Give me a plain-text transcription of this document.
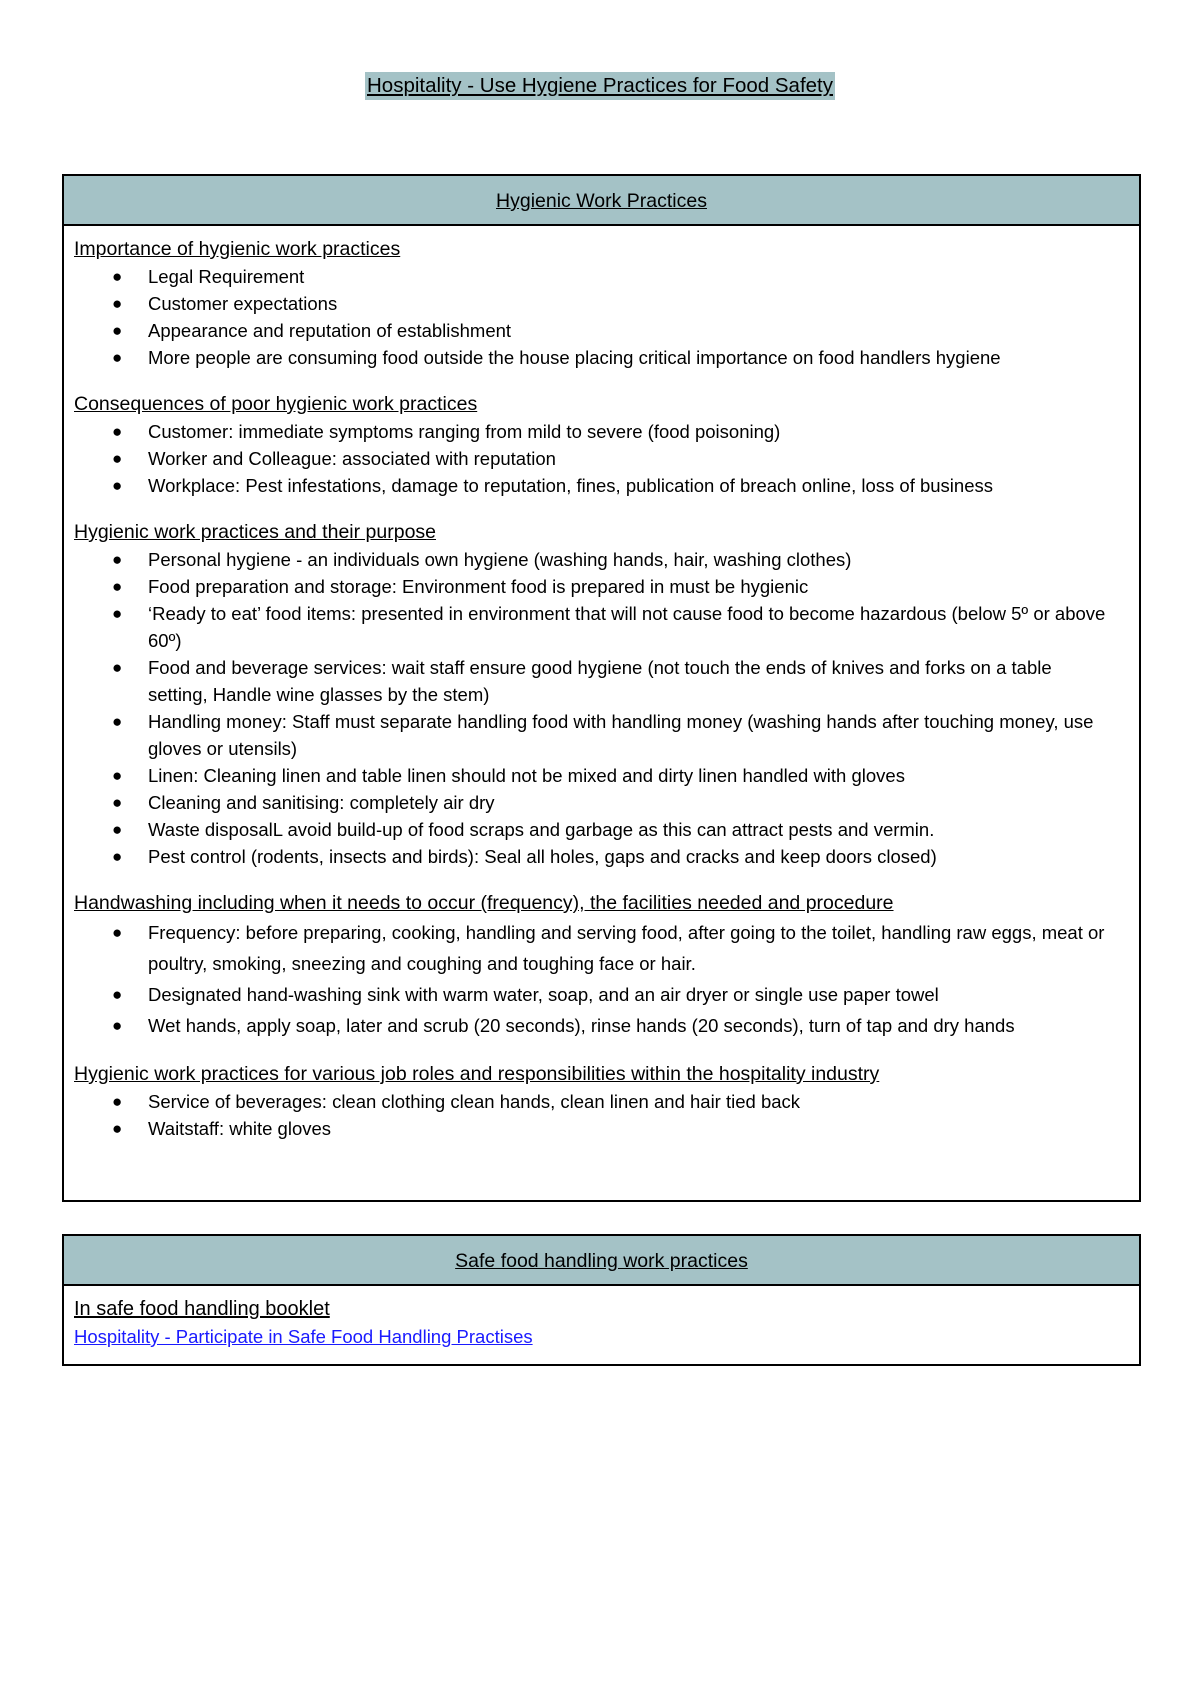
Hospitality - Use Hygiene Practices for Food Safety
Hygienic Work Practices

Importance of hygienic work practices

● Legal Requirement
● Customer expectations
● Appearance and reputation of establishment
● More people are consuming food outside the house placing critical importance on food handlers hygiene

Consequences of poor hygienic work practices

● Customer: immediate symptoms ranging from mild to severe (food poisoning)
● Worker and Colleague: associated with reputation
● Workplace: Pest infestations, damage to reputation, fines, publication of breach online, loss of business

Hygienic work practices and their purpose

● Personal hygiene - an individuals own hygiene (washing hands, hair, washing clothes)
● Food preparation and storage: Environment food is prepared in must be hygienic
● ‘Ready to eat’ food items: presented in environment that will not cause food to become hazardous (below 5º or above 60º)
● Food and beverage services: wait staff ensure good hygiene (not touch the ends of knives and forks on a table setting, Handle wine glasses by the stem)
● Handling money: Staff must separate handling food with handling money (washing hands after touching money, use gloves or utensils)
● Linen: Cleaning linen and table linen should not be mixed and dirty linen handled with gloves
● Cleaning and sanitising: completely air dry
● Waste disposalL avoid build-up of food scraps and garbage as this can attract pests and vermin.
● Pest control (rodents, insects and birds): Seal all holes, gaps and cracks and keep doors closed)

Handwashing including when it needs to occur (frequency), the facilities needed and procedure

● Frequency: before preparing, cooking, handling and serving food, after going to the toilet, handling raw eggs, meat or poultry, smoking, sneezing and coughing and toughing face or hair.
● Designated hand-washing sink with warm water, soap, and an air dryer or single use paper towel
● Wet hands, apply soap, later and scrub (20 seconds), rinse hands (20 seconds), turn of tap and dry hands

Hygienic work practices for various job roles and responsibilities within the hospitality industry

● Service of beverages: clean clothing clean hands, clean linen and hair tied back
● Waitstaff: white gloves
Safe food handling work practices

In safe food handling booklet

Hospitality - Participate in Safe Food Handling Practises
